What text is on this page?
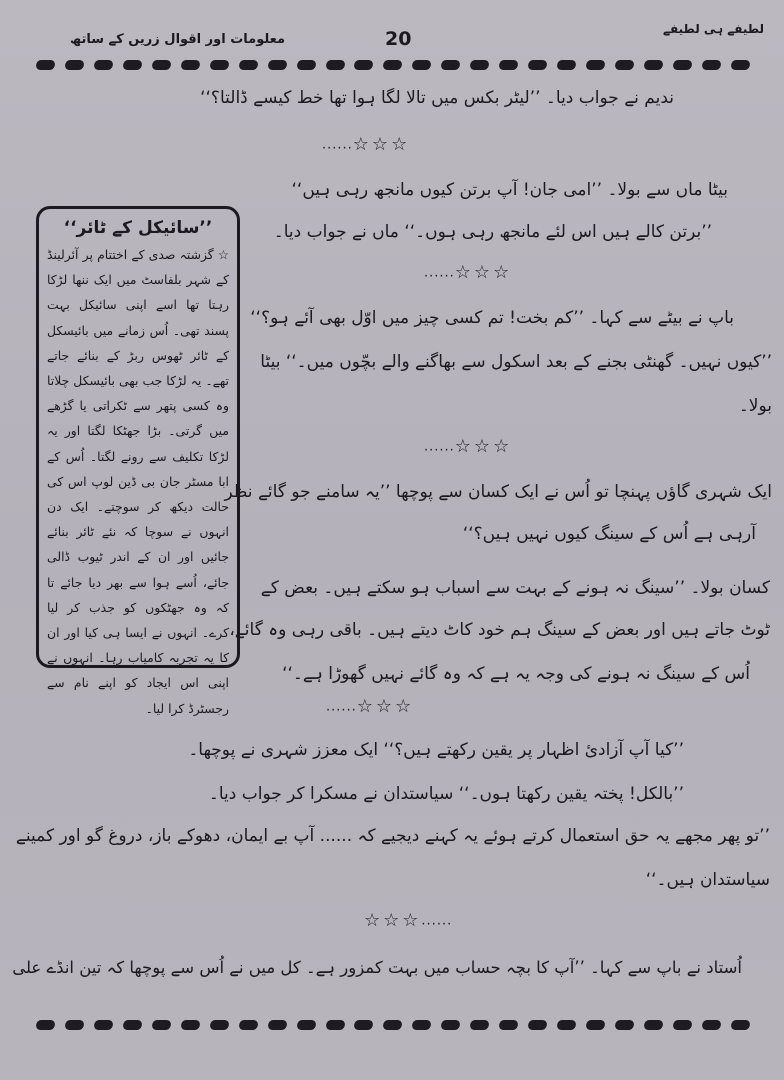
معلومات اور اقوال زریں کے ساتھ	20	لطیفے ہی لطیفے
ندیم نے جواب دیا۔ ’’لیٹر بکس میں تالا لگا ہوا تھا خط کیسے ڈالتا؟‘‘
......☆☆☆
بیٹا ماں سے بولا۔ ’’امی جان! آپ برتن کیوں مانجھ رہی ہیں‘‘
’’برتن کالے ہیں اس لئے مانجھ رہی ہوں۔‘‘ ماں نے جواب دیا۔
......☆☆☆
باپ نے بیٹے سے کہا۔ ’’کم بخت! تم کسی چیز میں اوّل بھی آئے ہو؟‘‘
’’کیوں نہیں۔ گھنٹی بجنے کے بعد اسکول سے بھاگنے والے بچّوں میں۔‘‘ بیٹا
بولا۔
......☆☆☆
ایک شہری گاؤں پہنچا تو اُس نے ایک کسان سے پوچھا ’’یہ سامنے جو گائے نظر
آرہی ہے اُس کے سینگ کیوں نہیں ہیں؟‘‘
کسان بولا۔ ’’سینگ نہ ہونے کے بہت سے اسباب ہو سکتے ہیں۔ بعض کے
ٹوٹ جاتے ہیں اور بعض کے سینگ ہم خود کاٹ دیتے ہیں۔ باقی رہی وہ گائے،
اُس کے سینگ نہ ہونے کی وجہ یہ ہے کہ وہ گائے نہیں گھوڑا ہے۔‘‘
......☆☆☆
’’کیا آپ آزادئ اظہار پر یقین رکھتے ہیں؟‘‘ ایک معزز شہری نے پوچھا۔
’’بالکل! پختہ یقین رکھتا ہوں۔‘‘ سیاستدان نے مسکرا کر جواب دیا۔
’’تو پھر مجھے یہ حق استعمال کرتے ہوئے یہ کہنے دیجیے کہ ...... آپ بے ایمان، دھوکے باز، دروغ گو اور کمینے
سیاستدان ہیں۔‘‘
☆☆☆......
اُستاد نے باپ سے کہا۔ ’’آپ کا بچہ حساب میں بہت کمزور ہے۔ کل میں نے اُس سے پوچھا کہ تین انڈے علی
’’سائیکل کے ٹائر‘‘
☆ گزشتہ صدی کے اختتام پر آئرلینڈ کے شہر بلفاسٹ میں ایک ننھا لڑکا رہتا تھا اسے اپنی سائیکل بہت پسند تھی۔ اُس زمانے میں بائیسکل کے ٹائر ٹھوس ربڑ کے بنائے جاتے تھے۔ یہ لڑکا جب بھی بائیسکل چلاتا وہ کسی پتھر سے ٹکراتی یا گڑھے میں گرتی۔ بڑا جھٹکا لگتا اور یہ لڑکا تکلیف سے رونے لگتا۔ اُس کے ابا مسٹر جان بی ڈین لوپ اس کی حالت دیکھ کر سوچتے۔ ایک دن انہوں نے سوچا کہ نئے ٹائر بنائے جائیں اور ان کے اندر ٹیوب ڈالی جائے، اُسے ہوا سے بھر دیا جائے تا کہ وہ جھٹکوں کو جذب کر لیا کرے۔ انہوں نے ایسا ہی کیا اور ان کا یہ تجربہ کامیاب رہا۔ انہوں نے اپنی اس ایجاد کو اپنے نام سے رجسٹرڈ کرا لیا۔
